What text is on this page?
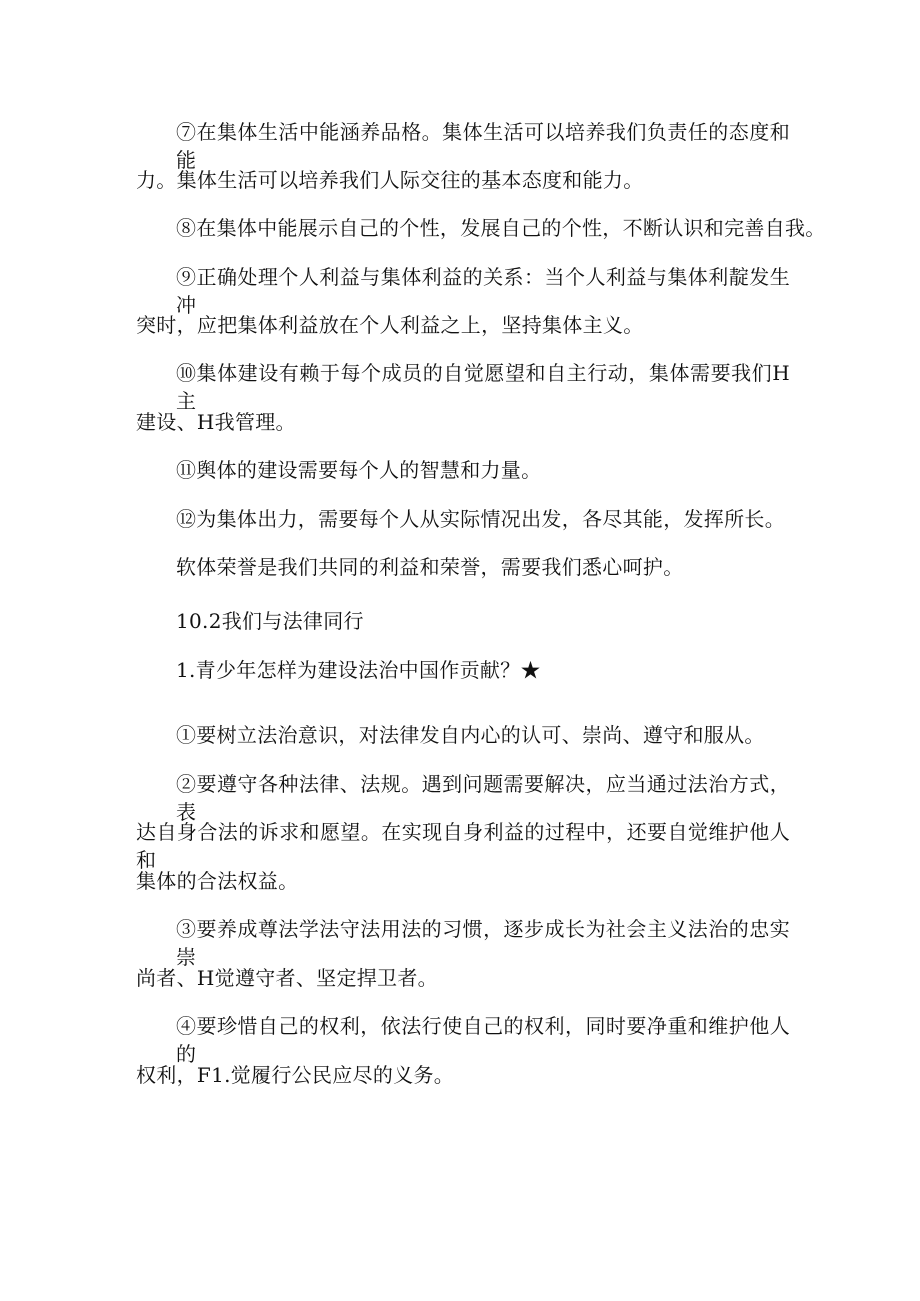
⑦在集体生活中能涵养品格。集体生活可以培养我们负责任的态度和能
力。集体生活可以培养我们人际交往的基本态度和能力。
⑧在集体中能展示自己的个性，发展自己的个性，不断认识和完善自我。
⑨正确处理个人利益与集体利益的关系：当个人利益与集体利靛发生冲
突时，应把集体利益放在个人利益之上，坚持集体主义。
⑩集体建设有赖于每个成员的自觉愿望和自主行动，集体需要我们H主
建设、H我管理。
⑪舆体的建设需要每个人的智慧和力量。
⑫为集体出力，需要每个人从实际情况出发，各尽其能，发挥所长。
软体荣誉是我们共同的利益和荣誉，需要我们悉心呵护。
10.2我们与法律同行
1.青少年怎样为建设法治中国作贡献？★
①要树立法治意识，对法律发自内心的认可、崇尚、遵守和服从。
②要遵守各种法律、法规。遇到问题需要解决，应当通过法治方式，表
达自身合法的诉求和愿望。在实现自身利益的过程中，还要自觉维护他人和
集体的合法权益。
③要养成尊法学法守法用法的习惯，逐步成长为社会主义法治的忠实崇
尚者、H觉遵守者、坚定捍卫者。
④要珍惜自己的权利，依法行使自己的权利，同时要净重和维护他人的
权利，F1.觉履行公民应尽的义务。
